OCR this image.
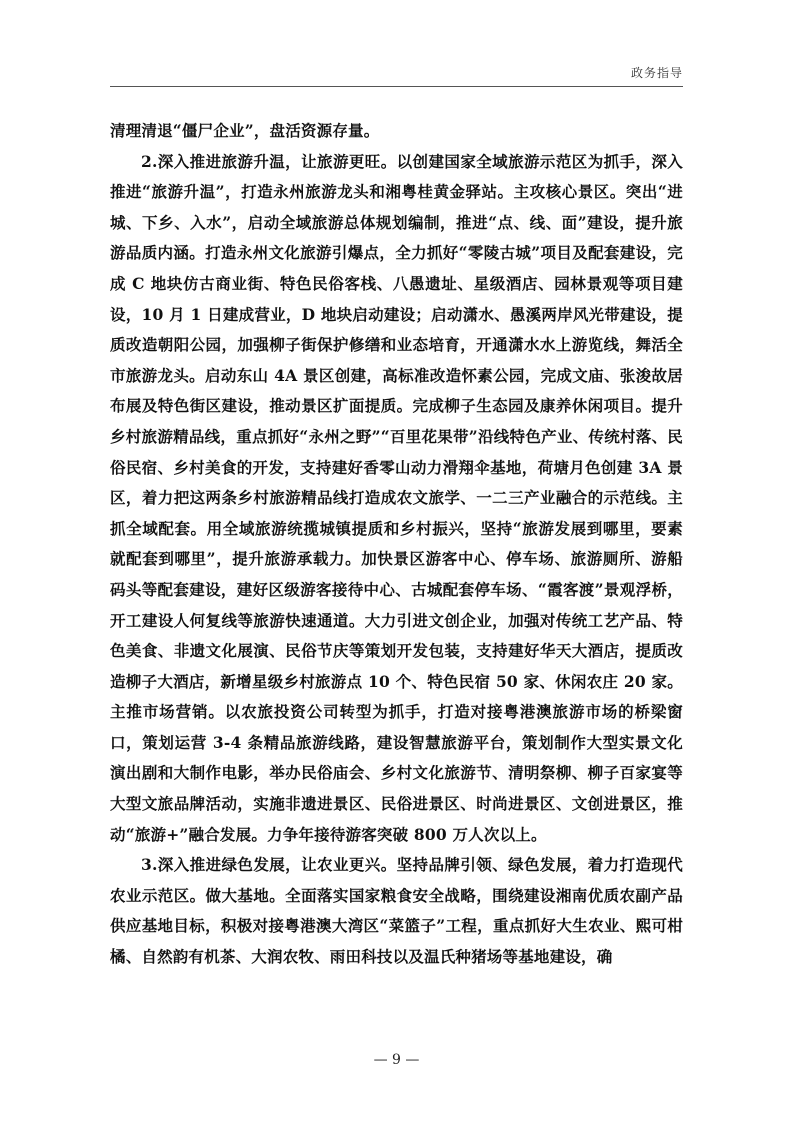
政务指导

清理清退“僵尸企业”，盘活资源存量。

2.深入推进旅游升温，让旅游更旺。以创建国家全域旅游示范区为抓手，深入推进“旅游升温”，打造永州旅游龙头和湘粤桂黄金驿站。主攻核心景区。突出“进城、下乡、入水”，启动全域旅游总体规划编制，推进“点、线、面”建设，提升旅游品质内涵。打造永州文化旅游引爆点，全力抓好“零陵古城”项目及配套建设，完成 C 地块仿古商业街、特色民俗客栈、八愚遗址、星级酒店、园林景观等项目建设，10 月 1 日建成营业，D 地块启动建设；启动潇水、愚溪两岸风光带建设，提质改造朝阳公园，加强柳子街保护修缮和业态培育，开通潇水水上游览线，舞活全市旅游龙头。启动东山 4A 景区创建，高标准改造怀素公园，完成文庙、张浚故居布展及特色街区建设，推动景区扩面提质。完成柳子生态园及康养休闲项目。提升乡村旅游精品线，重点抓好“永州之野”“百里花果带”沿线特色产业、传统村落、民俗民宿、乡村美食的开发，支持建好香零山动力滑翔伞基地，荷塘月色创建 3A 景区，着力把这两条乡村旅游精品线打造成农文旅学、一二三产业融合的示范线。主抓全域配套。用全域旅游统揽城镇提质和乡村振兴，坚持“旅游发展到哪里，要素就配套到哪里”，提升旅游承载力。加快景区游客中心、停车场、旅游厕所、游船码头等配套建设，建好区级游客接待中心、古城配套停车场、“霞客渡”景观浮桥，开工建设人何复线等旅游快速通道。大力引进文创企业，加强对传统工艺产品、特色美食、非遗文化展演、民俗节庆等策划开发包装，支持建好华天大酒店，提质改造柳子大酒店，新增星级乡村旅游点 10 个、特色民宿 50 家、休闲农庄 20 家。主推市场营销。以农旅投资公司转型为抓手，打造对接粤港澳旅游市场的桥梁窗口，策划运营 3-4 条精品旅游线路，建设智慧旅游平台，策划制作大型实景文化演出剧和大制作电影，举办民俗庙会、乡村文化旅游节、清明祭柳、柳子百家宴等大型文旅品牌活动，实施非遗进景区、民俗进景区、时尚进景区、文创进景区，推动“旅游+”融合发展。力争年接待游客突破 800 万人次以上。

3.深入推进绿色发展，让农业更兴。坚持品牌引领、绿色发展，着力打造现代农业示范区。做大基地。全面落实国家粮食安全战略，围绕建设湘南优质农副产品供应基地目标，积极对接粤港澳大湾区“菜篮子”工程，重点抓好大生农业、熙可柑橘、自然韵有机茶、大润农牧、雨田科技以及温氏种猪场等基地建设，确

— 9 —
